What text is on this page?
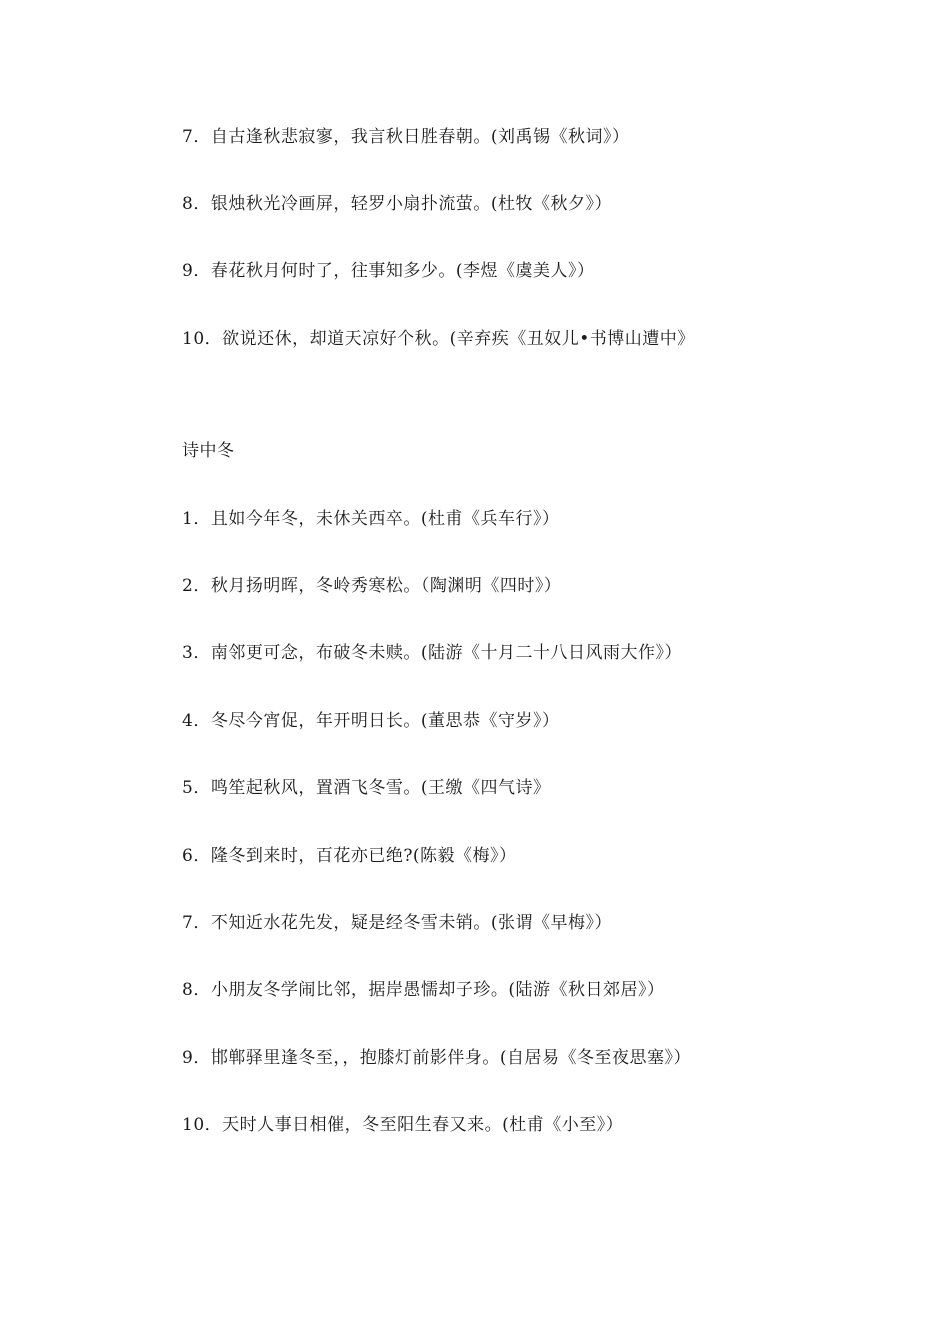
7．自古逢秋悲寂寥，我言秋日胜春朝。(刘禹锡《秋词》）
8．银烛秋光冷画屏，轻罗小扇扑流萤。(杜牧《秋夕》）
9．春花秋月何时了，往事知多少。(李煜《虞美人》）
10．欲说还休，却道天凉好个秋。(辛弃疾《丑奴儿•书博山遭中》
诗中冬
1．且如今年冬，未休关西卒。(杜甫《兵车行》）
2．秋月扬明晖，冬岭秀寒松。（陶渊明《四时》）
3．南邻更可念，布破冬未赎。(陆游《十月二十八日风雨大作》）
4．冬尽今宵促，年开明日长。(董思恭《守岁》）
5．鸣笙起秋风，置酒飞冬雪。(王缴《四气诗》
6．隆冬到来时，百花亦已绝?(陈毅《梅》）
7．不知近水花先发，疑是经冬雪未销。(张谓《早梅》）
8．小朋友冬学闹比邻，据岸愚懦却子珍。(陆游《秋日郊居》）
9．邯郸驿里逢冬至，，抱膝灯前影伴身。(自居易《冬至夜思塞》）
10．天时人事日相催，冬至阳生春又来。(杜甫《小至》）
